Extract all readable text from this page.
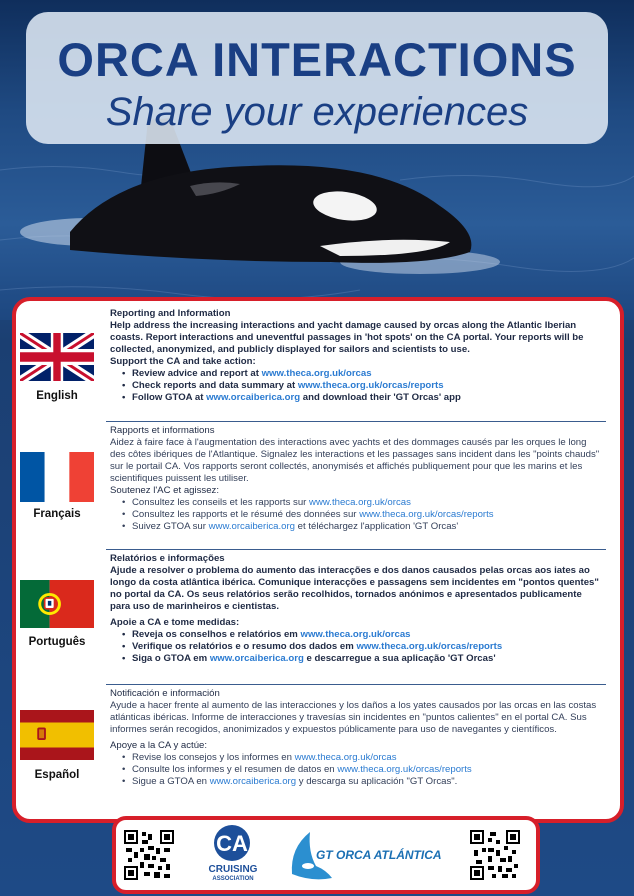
ORCA INTERACTIONS
Share your experiences
English
Reporting and Information
Help address the increasing interactions and yacht damage caused by orcas along the Atlantic Iberian coasts. Report interactions and uneventful passages in 'hot spots' on the CA portal. Your reports will be collected, anonymized, and publicly displayed for sailors and scientists to use.
Support the CA and take action:
• Review advice and report at www.theca.org.uk/orcas
• Check reports and data summary at www.theca.org.uk/orcas/reports
• Follow GTOA at www.orcaiberica.org and download their 'GT Orcas' app
Français
Rapports et informations
Aidez à faire face à l'augmentation des interactions avec yachts et des dommages causés par les orques le long des côtes ibériques de l'Atlantique. Signalez les interactions et les passages sans incident dans les "points chauds" sur le portail CA. Vos rapports seront collectés, anonymisés et affichés publiquement pour que les marins et les scientifiques puissent les utiliser.
Soutenez l'AC et agissez:
• Consultez les conseils et les rapports sur www.theca.org.uk/orcas
• Consultez les rapports et le résumé des données sur www.theca.org.uk/orcas/reports
• Suivez GTOA sur www.orcaiberica.org et téléchargez l'application 'GT Orcas'
Português
Relatórios e informações
Ajude a resolver o problema do aumento das interacções e dos danos causados pelas orcas aos iates ao longo da costa atlântica ibérica. Comunique interacções e passagens sem incidentes em "pontos quentes" no portal da CA. Os seus relatórios serão recolhidos, tornados anónimos e apresentados publicamente para uso de marinheiros e cientistas.
Apoie a CA e tome medidas:
• Reveja os conselhos e relatórios em www.theca.org.uk/orcas
• Verifique os relatórios e o resumo dos dados em www.theca.org.uk/orcas/reports
• Siga o GTOA em www.orcaiberica.org e descarregue a sua aplicação 'GT Orcas'
Español
Notificación e información
Ayude a hacer frente al aumento de las interacciones y los daños a los yates causados por las orcas en las costas atlánticas ibéricas. Informe de interacciones y travesías sin incidentes en "puntos calientes" en el portal CA. Sus informes serán recogidos, anonimizados y expuestos públicamente para uso de navegantes y científicos.
Apoye a la CA y actúe:
• Revise los consejos y los informes en www.theca.org.uk/orcas
• Consulte los informes y el resumen de datos en www.theca.org.uk/orcas/reports
• Sigue a GTOA en www.orcaiberica.org y descarga su aplicación "GT Orcas".
CA
CRUISING
ASSOCIATION
GT ORCA ATLÁNTICA
